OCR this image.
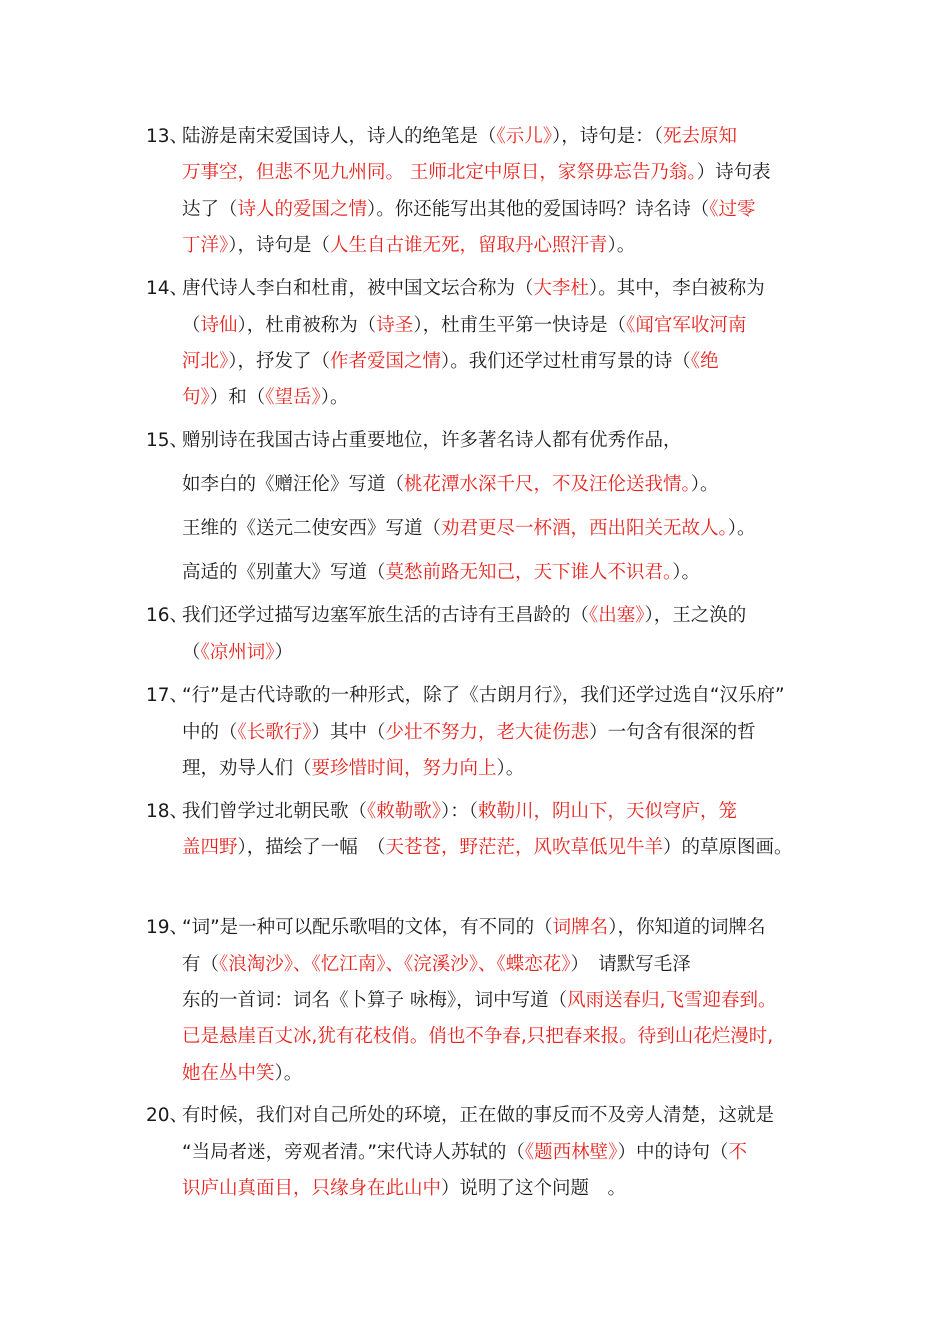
13、
陆游是南宋爱国诗人，诗人的绝笔是（《示儿》），诗句是：（死去原知
万事空，但悲不见九州同。 王师北定中原日，家祭毋忘告乃翁。）诗句表
达了（诗人的爱国之情）。你还能写出其他的爱国诗吗？诗名诗（《过零
丁洋》），诗句是（人生自古谁无死，留取丹心照汗青）。
14、
唐代诗人李白和杜甫，被中国文坛合称为（大李杜）。其中，李白被称为
（诗仙），杜甫被称为（诗圣），杜甫生平第一快诗是（《闻官军收河南
河北》），抒发了（作者爱国之情）。我们还学过杜甫写景的诗（《绝
句》）和（《望岳》）。
15、
赠别诗在我国古诗占重要地位，许多著名诗人都有优秀作品，
如李白的《赠汪伦》写道（桃花潭水深千尺，不及汪伦送我情。）。
王维的《送元二使安西》写道（劝君更尽一杯酒，西出阳关无故人。）。
高适的《别董大》写道（莫愁前路无知己，天下谁人不识君。）。
16、
我们还学过描写边塞军旅生活的古诗有王昌龄的（《出塞》），王之涣的
（《凉州词》）
17、
“行”是古代诗歌的一种形式，除了《古朗月行》，我们还学过选自“汉乐府”
中的（《长歌行》）其中（少壮不努力，老大徒伤悲）一句含有很深的哲
理，劝导人们（要珍惜时间，努力向上）。
18、
我们曾学过北朝民歌（《敕勒歌》）：（敕勒川，阴山下，天似穹庐，笼
盖四野），描绘了一幅　（天苍苍，野茫茫，风吹草低见牛羊）的草原图画。
19、
“词”是一种可以配乐歌唱的文体，有不同的（词牌名），你知道的词牌名
有（《浪淘沙》、《忆江南》、《浣溪沙》、《蝶恋花》）　请默写毛泽
东的一首词：词名《卜算子 咏梅》，词中写道（风雨送春归,飞雪迎春到。
已是悬崖百丈冰,犹有花枝俏。俏也不争春,只把春来报。待到山花烂漫时,
她在丛中笑）。
20、
有时候，我们对自己所处的环境，正在做的事反而不及旁人清楚，这就是
“当局者迷，旁观者清。”宋代诗人苏轼的（《题西林壁》）中的诗句（不
识庐山真面目，只缘身在此山中）说明了这个问题　。
